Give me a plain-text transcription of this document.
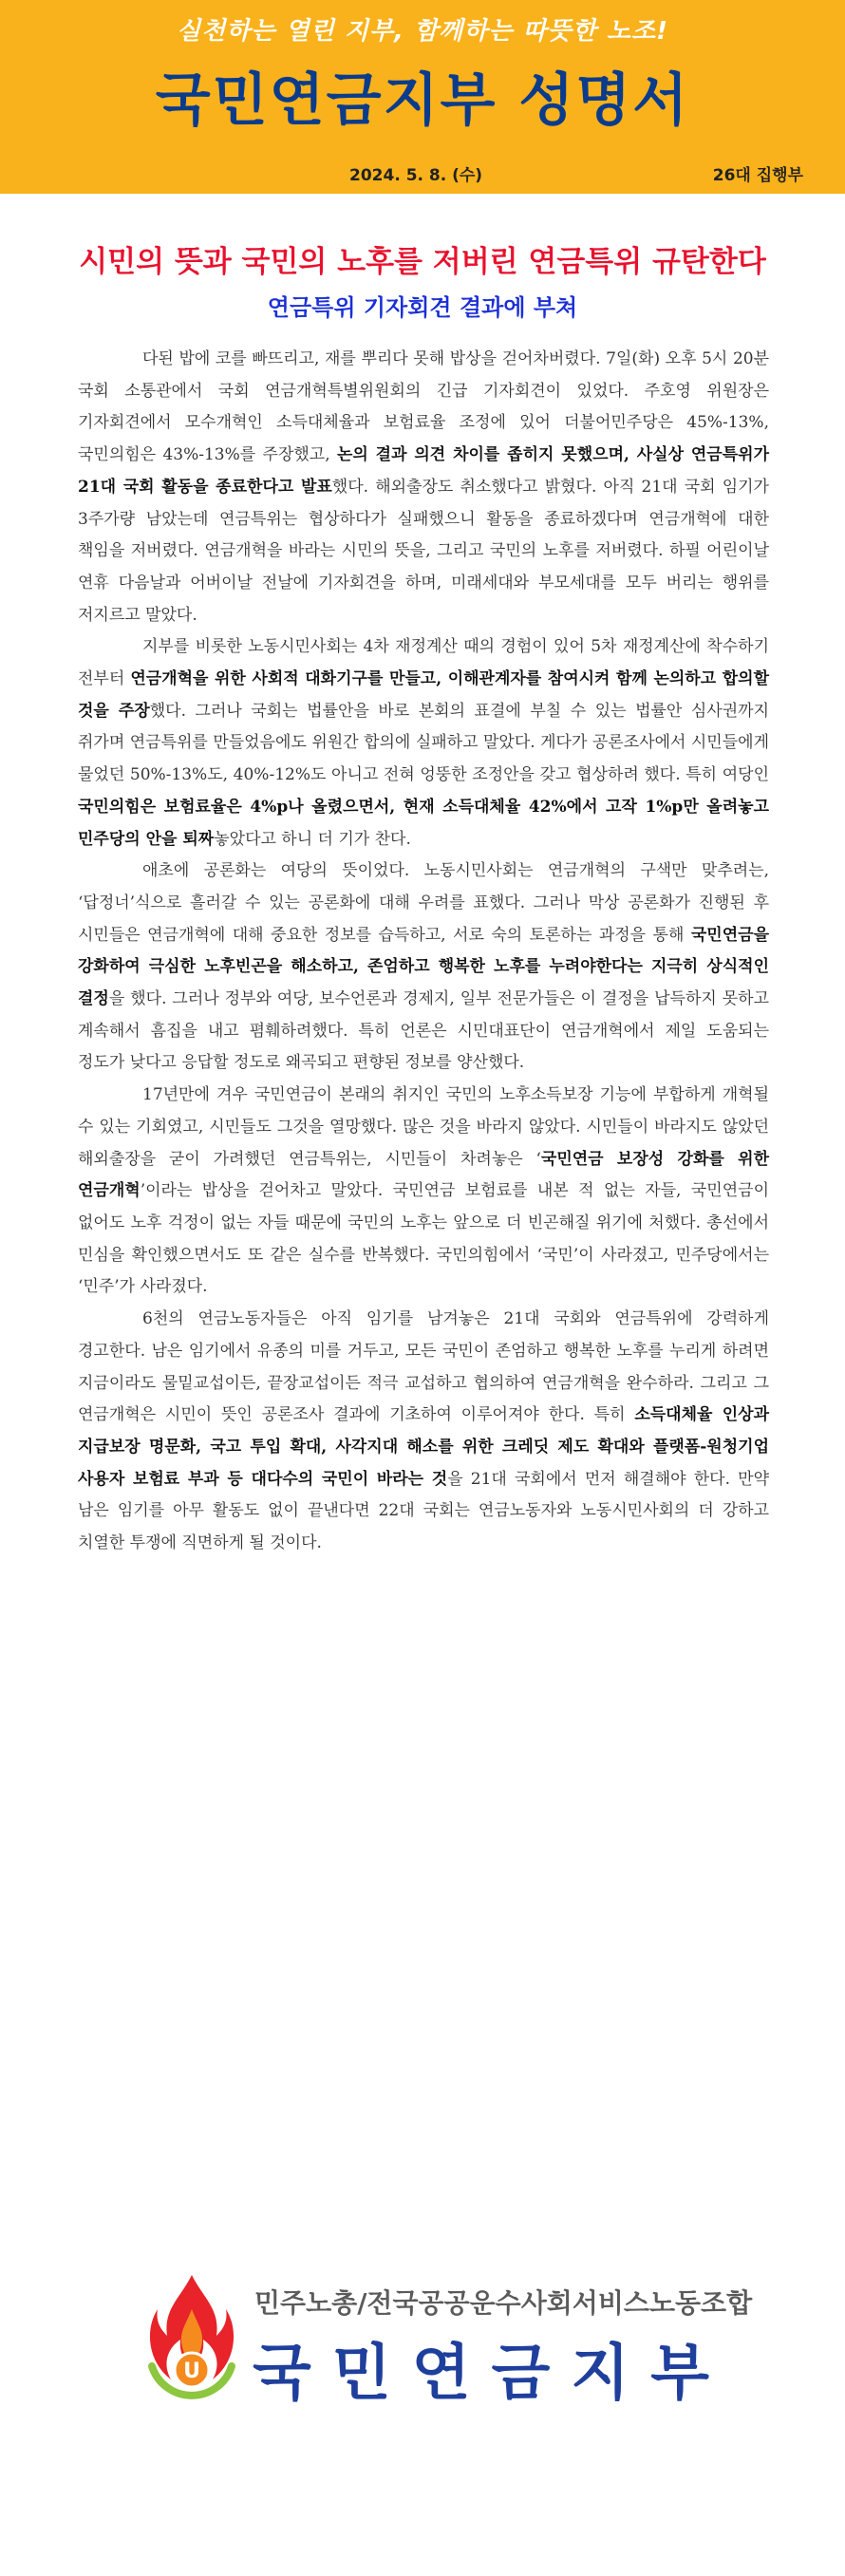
실천하는 열린 지부, 함께하는 따뜻한 노조!
국민연금지부 성명서
2024. 5. 8. (수)	26대 집행부
시민의 뜻과 국민의 노후를 저버린 연금특위 규탄한다
연금특위 기자회견 결과에 부쳐

다된 밥에 코를 빠뜨리고, 재를 뿌리다 못해 밥상을 걷어차버렸다. 7일(화) 오후 5시 20분 국회 소통관에서 국회 연금개혁특별위원회의 긴급 기자회견이 있었다. 주호영 위원장은 기자회견에서 모수개혁인 소득대체율과 보험료율 조정에 있어 더불어민주당은 45%-13%, 국민의힘은 43%-13%를 주장했고, 논의 결과 의견 차이를 좁히지 못했으며, 사실상 연금특위가 21대 국회 활동을 종료한다고 발표했다. 해외출장도 취소했다고 밝혔다. 아직 21대 국회 임기가 3주가량 남았는데 연금특위는 협상하다가 실패했으니 활동을 종료하겠다며 연금개혁에 대한 책임을 저버렸다. 연금개혁을 바라는 시민의 뜻을, 그리고 국민의 노후를 저버렸다. 하필 어린이날 연휴 다음날과 어버이날 전날에 기자회견을 하며, 미래세대와 부모세대를 모두 버리는 행위를 저지르고 말았다.

지부를 비롯한 노동시민사회는 4차 재정계산 때의 경험이 있어 5차 재정계산에 착수하기 전부터 연금개혁을 위한 사회적 대화기구를 만들고, 이해관계자를 참여시켜 함께 논의하고 합의할 것을 주장했다. 그러나 국회는 법률안을 바로 본회의 표결에 부칠 수 있는 법률안 심사권까지 쥐가며 연금특위를 만들었음에도 위원간 합의에 실패하고 말았다. 게다가 공론조사에서 시민들에게 물었던 50%-13%도, 40%-12%도 아니고 전혀 엉뚱한 조정안을 갖고 협상하려 했다. 특히 여당인 국민의힘은 보험료율은 4%p나 올렸으면서, 현재 소득대체율 42%에서 고작 1%p만 올려놓고 민주당의 안을 퇴짜놓았다고 하니 더 기가 찬다.

애초에 공론화는 여당의 뜻이었다. 노동시민사회는 연금개혁의 구색만 맞추려는, ‘답정너’식으로 흘러갈 수 있는 공론화에 대해 우려를 표했다. 그러나 막상 공론화가 진행된 후 시민들은 연금개혁에 대해 중요한 정보를 습득하고, 서로 숙의 토론하는 과정을 통해 국민연금을 강화하여 극심한 노후빈곤을 해소하고, 존엄하고 행복한 노후를 누려야한다는 지극히 상식적인 결정을 했다. 그러나 정부와 여당, 보수언론과 경제지, 일부 전문가들은 이 결정을 납득하지 못하고 계속해서 흠집을 내고 폄훼하려했다. 특히 언론은 시민대표단이 연금개혁에서 제일 도움되는 정도가 낮다고 응답할 정도로 왜곡되고 편향된 정보를 양산했다.

17년만에 겨우 국민연금이 본래의 취지인 국민의 노후소득보장 기능에 부합하게 개혁될 수 있는 기회였고, 시민들도 그것을 열망했다. 많은 것을 바라지 않았다. 시민들이 바라지도 않았던 해외출장을 굳이 가려했던 연금특위는, 시민들이 차려놓은 ‘국민연금 보장성 강화를 위한 연금개혁’이라는 밥상을 걷어차고 말았다. 국민연금 보험료를 내본 적 없는 자들, 국민연금이 없어도 노후 걱정이 없는 자들 때문에 국민의 노후는 앞으로 더 빈곤해질 위기에 처했다. 총선에서 민심을 확인했으면서도 또 같은 실수를 반복했다. 국민의힘에서 ‘국민’이 사라졌고, 민주당에서는 ‘민주’가 사라졌다.

6천의 연금노동자들은 아직 임기를 남겨놓은 21대 국회와 연금특위에 강력하게 경고한다. 남은 임기에서 유종의 미를 거두고, 모든 국민이 존엄하고 행복한 노후를 누리게 하려면 지금이라도 물밑교섭이든, 끝장교섭이든 적극 교섭하고 협의하여 연금개혁을 완수하라. 그리고 그 연금개혁은 시민이 뜻인 공론조사 결과에 기초하여 이루어져야 한다. 특히 소득대체율 인상과 지급보장 명문화, 국고 투입 확대, 사각지대 해소를 위한 크레딧 제도 확대와 플랫폼-원청기업 사용자 보험료 부과 등 대다수의 국민이 바라는 것을 21대 국회에서 먼저 해결해야 한다. 만약 남은 임기를 아무 활동도 없이 끝낸다면 22대 국회는 연금노동자와 노동시민사회의 더 강하고 치열한 투쟁에 직면하게 될 것이다.

U
민주노총/전국공공운수사회서비스노동조합
국민연금지부
